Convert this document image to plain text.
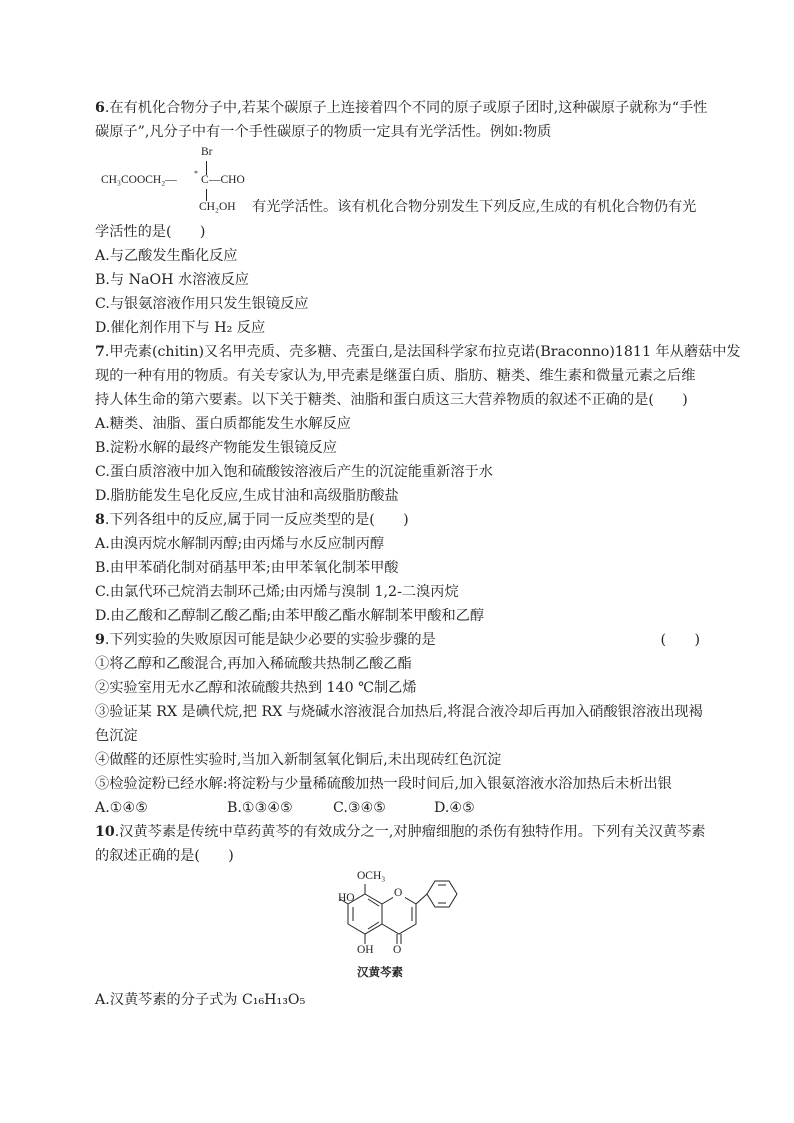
6.在有机化合物分子中,若某个碳原子上连接着四个不同的原子或原子团时,这种碳原子就称为“手性
碳原子”,凡分子中有一个手性碳原子的物质一定具有光学活性。例如:物质
Br
CH₃COOCH₂—
*
C —CHO
CH₂OH 有光学活性。该有机化合物分别发生下列反应,生成的有机化合物仍有光
学活性的是(　　)
A.与乙酸发生酯化反应
B.与 NaOH 水溶液反应
C.与银氨溶液作用只发生银镜反应
D.催化剂作用下与 H₂ 反应
7.甲壳素(chitin)又名甲壳质、壳多糖、壳蛋白,是法国科学家布拉克诺(Braconno)1811 年从蘑菇中发
现的一种有用的物质。有关专家认为,甲壳素是继蛋白质、脂肪、糖类、维生素和微量元素之后维
持人体生命的第六要素。以下关于糖类、油脂和蛋白质这三大营养物质的叙述不正确的是(　　)
A.糖类、油脂、蛋白质都能发生水解反应
B.淀粉水解的最终产物能发生银镜反应
C.蛋白质溶液中加入饱和硫酸铵溶液后产生的沉淀能重新溶于水
D.脂肪能发生皂化反应,生成甘油和高级脂肪酸盐
8.下列各组中的反应,属于同一反应类型的是(　　)
A.由溴丙烷水解制丙醇;由丙烯与水反应制丙醇
B.由甲苯硝化制对硝基甲苯;由甲苯氧化制苯甲酸
C.由氯代环己烷消去制环己烯;由丙烯与溴制 1,2-二溴丙烷
D.由乙酸和乙醇制乙酸乙酯;由苯甲酸乙酯水解制苯甲酸和乙醇
9.下列实验的失败原因可能是缺少必要的实验步骤的是	(　　)
①将乙醇和乙酸混合,再加入稀硫酸共热制乙酸乙酯
②实验室用无水乙醇和浓硫酸共热到 140 ℃制乙烯
③验证某 RX 是碘代烷,把 RX 与烧碱水溶液混合加热后,将混合液冷却后再加入硝酸银溶液出现褐
色沉淀
④做醛的还原性实验时,当加入新制氢氧化铜后,未出现砖红色沉淀
⑤检验淀粉已经水解:将淀粉与少量稀硫酸加热一段时间后,加入银氨溶液水浴加热后未析出银
A.①④⑤	B.①③④⑤	C.③④⑤	D.④⑤
10.汉黄芩素是传统中草药黄芩的有效成分之一,对肿瘤细胞的杀伤有独特作用。下列有关汉黄芩素
的叙述正确的是(　　)
OCH₃
HO	O
OH O
汉黄芩素
A.汉黄芩素的分子式为 C₁₆H₁₃O₅
